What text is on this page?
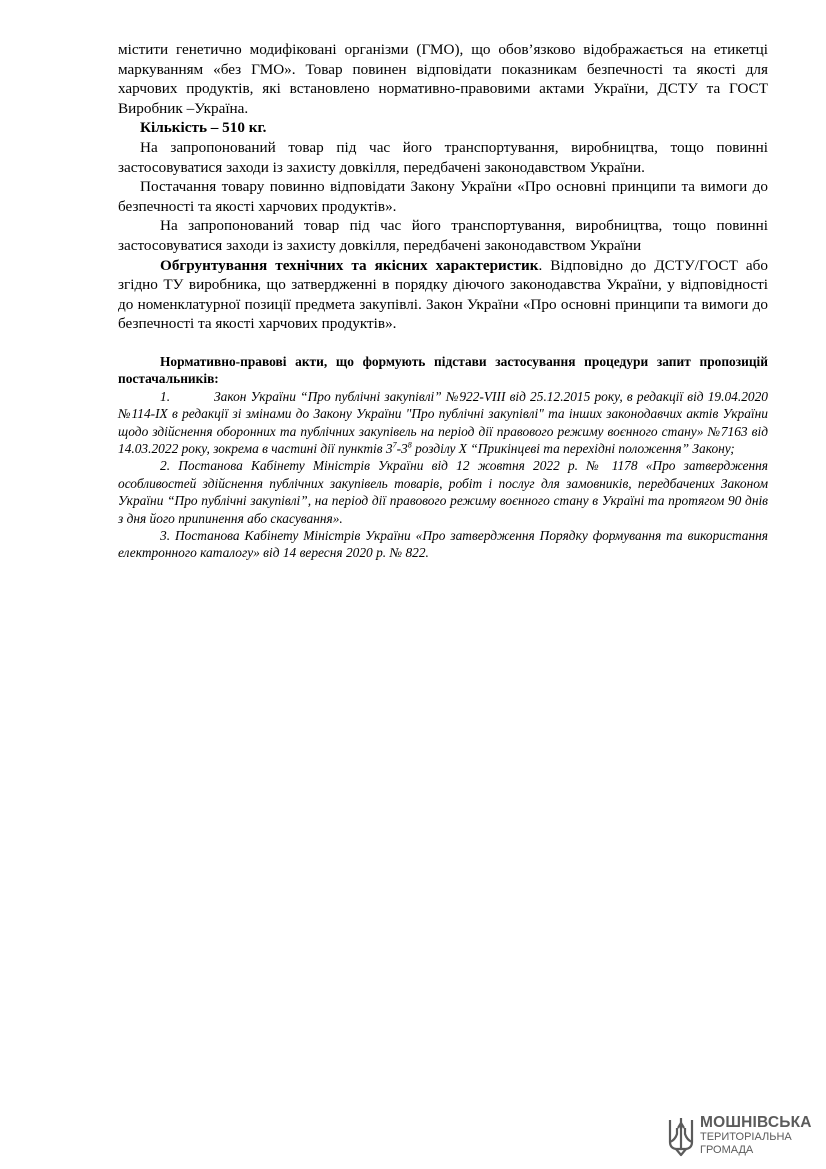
містити генетично модифіковані організми (ГМО), що обов’язково відображається на етикетці маркуванням «без ГМО». Товар повинен відповідати показникам безпечності та якості для харчових продуктів, які встановлено нормативно-правовими актами України, ДСТУ та ГОСТ Виробник –Україна.

Кількість – 510 кг.

На запропонований товар під час його транспортування, виробництва, тощо повинні застосовуватися заходи із захисту довкілля, передбачені законодавством України.

Постачання товару повинно відповідати Закону України «Про основні принципи та вимоги до безпечності та якості харчових продуктів».

На запропонований товар під час його транспортування, виробництва, тощо повинні застосовуватися заходи із захисту довкілля, передбачені законодавством України

Обгрунтування технічних та якісних характеристик. Відповідно до ДСТУ/ГОСТ або згідно ТУ виробника, що затвердженні в порядку діючого законодавства України, у відповідності до номенклатурної позиції предмета закупівлі. Закон України «Про основні принципи та вимоги до безпечності та якості харчових продуктів».

Нормативно-правові акти, що формують підстави застосування процедури запит пропозицій постачальників:

1.	Закон України “Про публічні закупівлі” №922-VIII від 25.12.2015 року, в редакції від 19.04.2020 №114-IX в редакції зі змінами до Закону України "Про публічні закупівлі" та інших законодавчих актів України щодо здійснення оборонних та публічних закупівель на період дії правового режиму воєнного стану» №7163 від 14.03.2022 року, зокрема в частині дії пунктів $3^7-3^8$ розділу X “Прикінцеві та перехідні положення” Закону;

2. Постанова Кабінету Міністрів України від 12 жовтня 2022 р. № 1178 «Про затвердження особливостей здійснення публічних закупівель товарів, робіт і послуг для замовників, передбачених Законом України “Про публічні закупівлі”, на період дії правового режиму воєнного стану в Україні та протягом 90 днів з дня його припинення або скасування».

3. Постанова Кабінету Міністрів України «Про затвердження Порядку формування та використання електронного каталогу» від 14 вересня 2020 р. № 822.

МОШНІВСЬКА
ТЕРИТОРІАЛЬНА
ГРОМАДА
